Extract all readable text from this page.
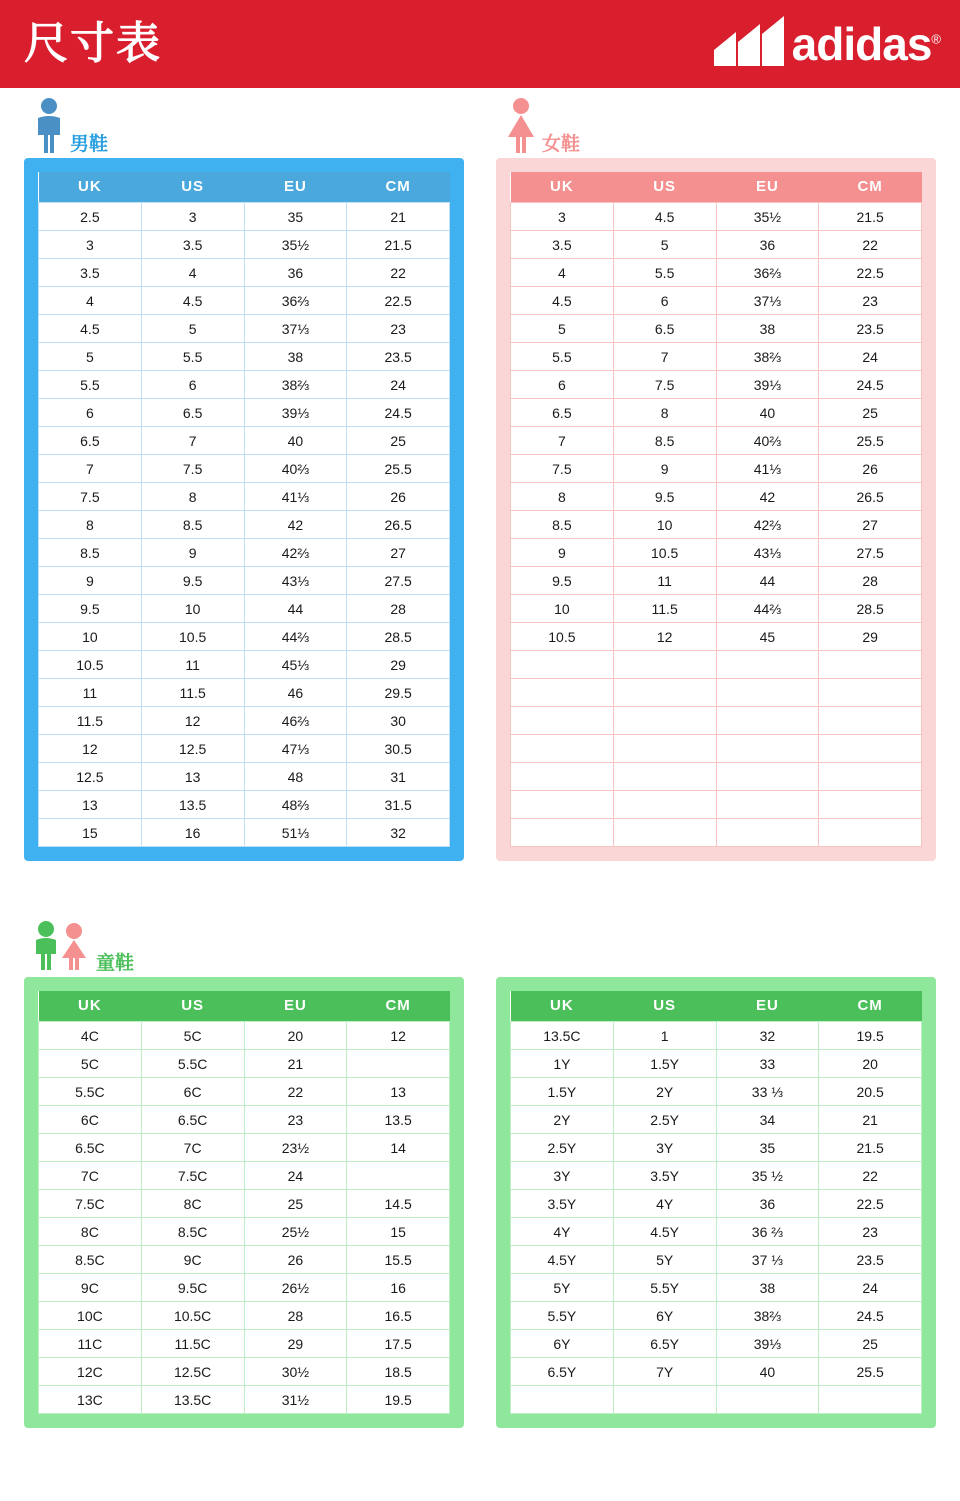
尺寸表	adidas®
男鞋
UK	US	EU	CM
2.5	3	35	21
3	3.5	35½	21.5
3.5	4	36	22
4	4.5	36⅔	22.5
4.5	5	37⅓	23
5	5.5	38	23.5
5.5	6	38⅔	24
6	6.5	39⅓	24.5
6.5	7	40	25
7	7.5	40⅔	25.5
7.5	8	41⅓	26
8	8.5	42	26.5
8.5	9	42⅔	27
9	9.5	43⅓	27.5
9.5	10	44	28
10	10.5	44⅔	28.5
10.5	11	45⅓	29
11	11.5	46	29.5
11.5	12	46⅔	30
12	12.5	47⅓	30.5
12.5	13	48	31
13	13.5	48⅔	31.5
15	16	51⅓	32
女鞋
UK	US	EU	CM
3	4.5	35½	21.5
3.5	5	36	22
4	5.5	36⅔	22.5
4.5	6	37⅓	23
5	6.5	38	23.5
5.5	7	38⅔	24
6	7.5	39⅓	24.5
6.5	8	40	25
7	8.5	40⅔	25.5
7.5	9	41⅓	26
8	9.5	42	26.5
8.5	10	42⅔	27
9	10.5	43⅓	27.5
9.5	11	44	28
10	11.5	44⅔	28.5
10.5	12	45	29

童鞋
UK	US	EU	CM
4C	5C	20	12
5C	5.5C	21	
5.5C	6C	22	13
6C	6.5C	23	13.5
6.5C	7C	23½	14
7C	7.5C	24	
7.5C	8C	25	14.5
8C	8.5C	25½	15
8.5C	9C	26	15.5
9C	9.5C	26½	16
10C	10.5C	28	16.5
11C	11.5C	29	17.5
12C	12.5C	30½	18.5
13C	13.5C	31½	19.5
UK	US	EU	CM
13.5C	1	32	19.5
1Y	1.5Y	33	20
1.5Y	2Y	33 ⅓	20.5
2Y	2.5Y	34	21
2.5Y	3Y	35	21.5
3Y	3.5Y	35 ½	22
3.5Y	4Y	36	22.5
4Y	4.5Y	36 ⅔	23
4.5Y	5Y	37 ⅓	23.5
5Y	5.5Y	38	24
5.5Y	6Y	38⅔	24.5
6Y	6.5Y	39⅓	25
6.5Y	7Y	40	25.5
